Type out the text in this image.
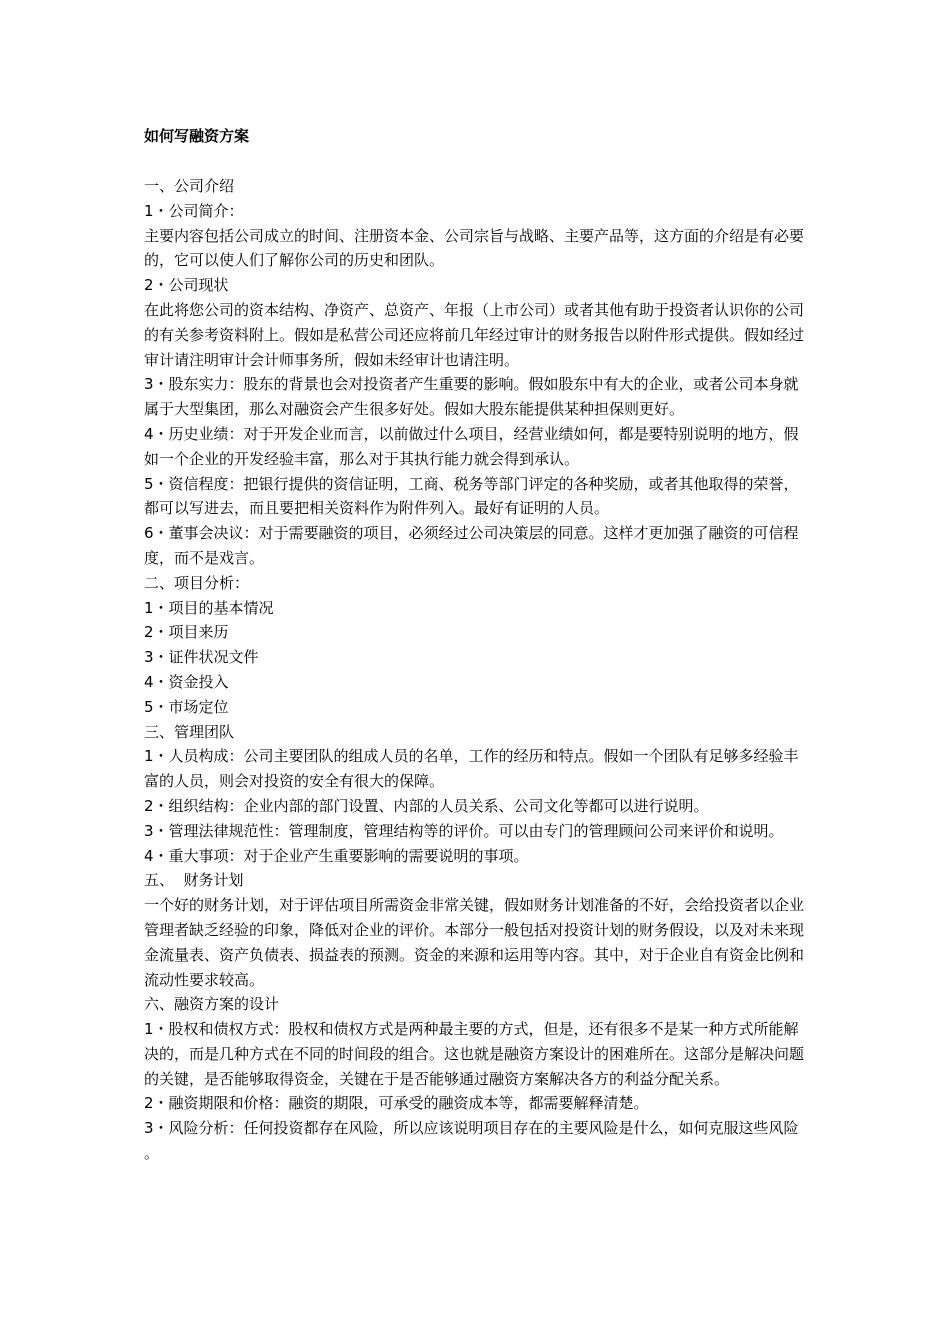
如何写融资方案

一、公司介绍

1・公司简介：

主要内容包括公司成立的时间、注册资本金、公司宗旨与战略、主要产品等，这方面的介绍是有必要的，它可以使人们了解你公司的历史和团队。

2・公司现状

在此将您公司的资本结构、净资产、总资产、年报（上市公司）或者其他有助于投资者认识你的公司的有关参考资料附上。假如是私营公司还应将前几年经过审计的财务报告以附件形式提供。假如经过审计请注明审计会计师事务所，假如未经审计也请注明。

3・股东实力：股东的背景也会对投资者产生重要的影响。假如股东中有大的企业，或者公司本身就属于大型集团，那么对融资会产生很多好处。假如大股东能提供某种担保则更好。

4・历史业绩：对于开发企业而言，以前做过什么项目，经营业绩如何，都是要特别说明的地方，假如一个企业的开发经验丰富，那么对于其执行能力就会得到承认。

5・资信程度：把银行提供的资信证明，工商、税务等部门评定的各种奖励，或者其他取得的荣誉，都可以写进去，而且要把相关资料作为附件列入。最好有证明的人员。

6・董事会决议：对于需要融资的项目，必须经过公司决策层的同意。这样才更加强了融资的可信程度，而不是戏言。

二、项目分析：

1・项目的基本情况

2・项目来历

3・证件状况文件

4・资金投入

5・市场定位

三、管理团队

1・人员构成：公司主要团队的组成人员的名单，工作的经历和特点。假如一个团队有足够多经验丰富的人员，则会对投资的安全有很大的保障。

2・组织结构：企业内部的部门设置、内部的人员关系、公司文化等都可以进行说明。

3・管理法律规范性：管理制度，管理结构等的评价。可以由专门的管理顾问公司来评价和说明。

4・重大事项：对于企业产生重要影响的需要说明的事项。

五、  财务计划

一个好的财务计划，对于评估项目所需资金非常关键，假如财务计划准备的不好，会给投资者以企业管理者缺乏经验的印象，降低对企业的评价。本部分一般包括对投资计划的财务假设，以及对未来现金流量表、资产负债表、损益表的预测。资金的来源和运用等内容。其中，对于企业自有资金比例和流动性要求较高。

六、融资方案的设计

1・股权和债权方式：股权和债权方式是两种最主要的方式，但是，还有很多不是某一种方式所能解决的，而是几种方式在不同的时间段的组合。这也就是融资方案设计的困难所在。这部分是解决问题的关键，是否能够取得资金，关键在于是否能够通过融资方案解决各方的利益分配关系。

2・融资期限和价格：融资的期限，可承受的融资成本等，都需要解释清楚。

3・风险分析：任何投资都存在风险，所以应该说明项目存在的主要风险是什么，如何克服这些风险。
